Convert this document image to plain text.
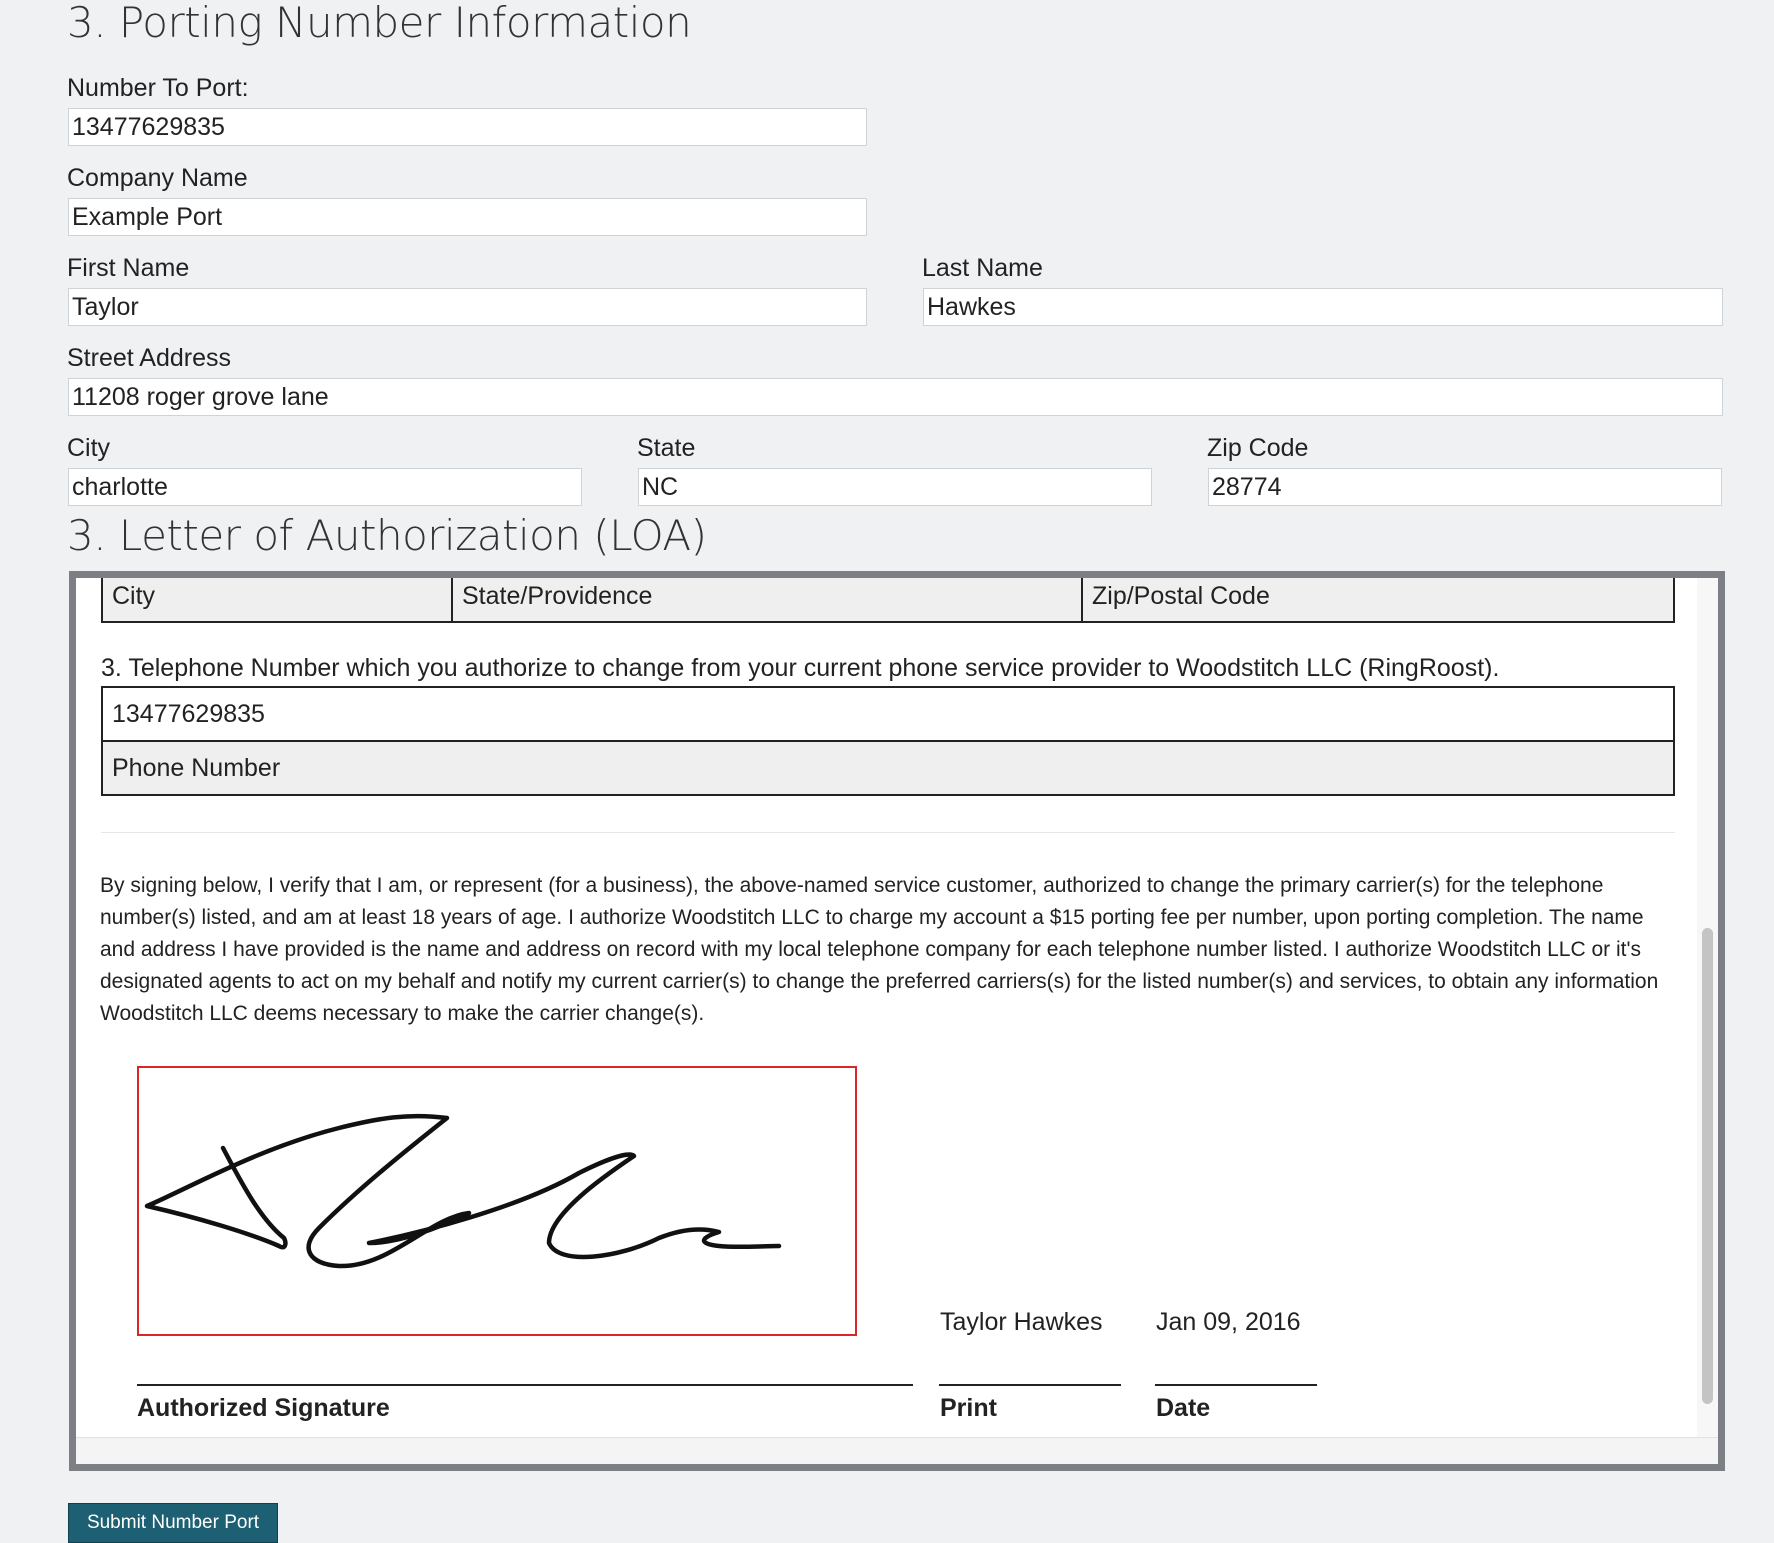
3. Porting Number Information
Number To Port:
13477629835
Company Name
Example Port
First Name
Taylor
Last Name
Hawkes
Street Address
11208 roger grove lane
City
charlotte
State
NC
Zip Code
28774
3. Letter of Authorization (LOA)
City	State/Providence	Zip/Postal Code
3. Telephone Number which you authorize to change from your current phone service provider to Woodstitch LLC (RingRoost).
13477629835
Phone Number
By signing below, I verify that I am, or represent (for a business), the above-named service customer, authorized to change the primary carrier(s) for the telephone number(s) listed, and am at least 18 years of age. I authorize Woodstitch LLC to charge my account a $15 porting fee per number, upon porting completion. The name and address I have provided is the name and address on record with my local telephone company for each telephone number listed. I authorize Woodstitch LLC or it's designated agents to act on my behalf and notify my current carrier(s) to change the preferred carriers(s) for the listed number(s) and services, to obtain any information Woodstitch LLC deems necessary to make the carrier change(s).
Taylor Hawkes Jan 09, 2016
Authorized Signature	Print	Date
Submit Number Port
